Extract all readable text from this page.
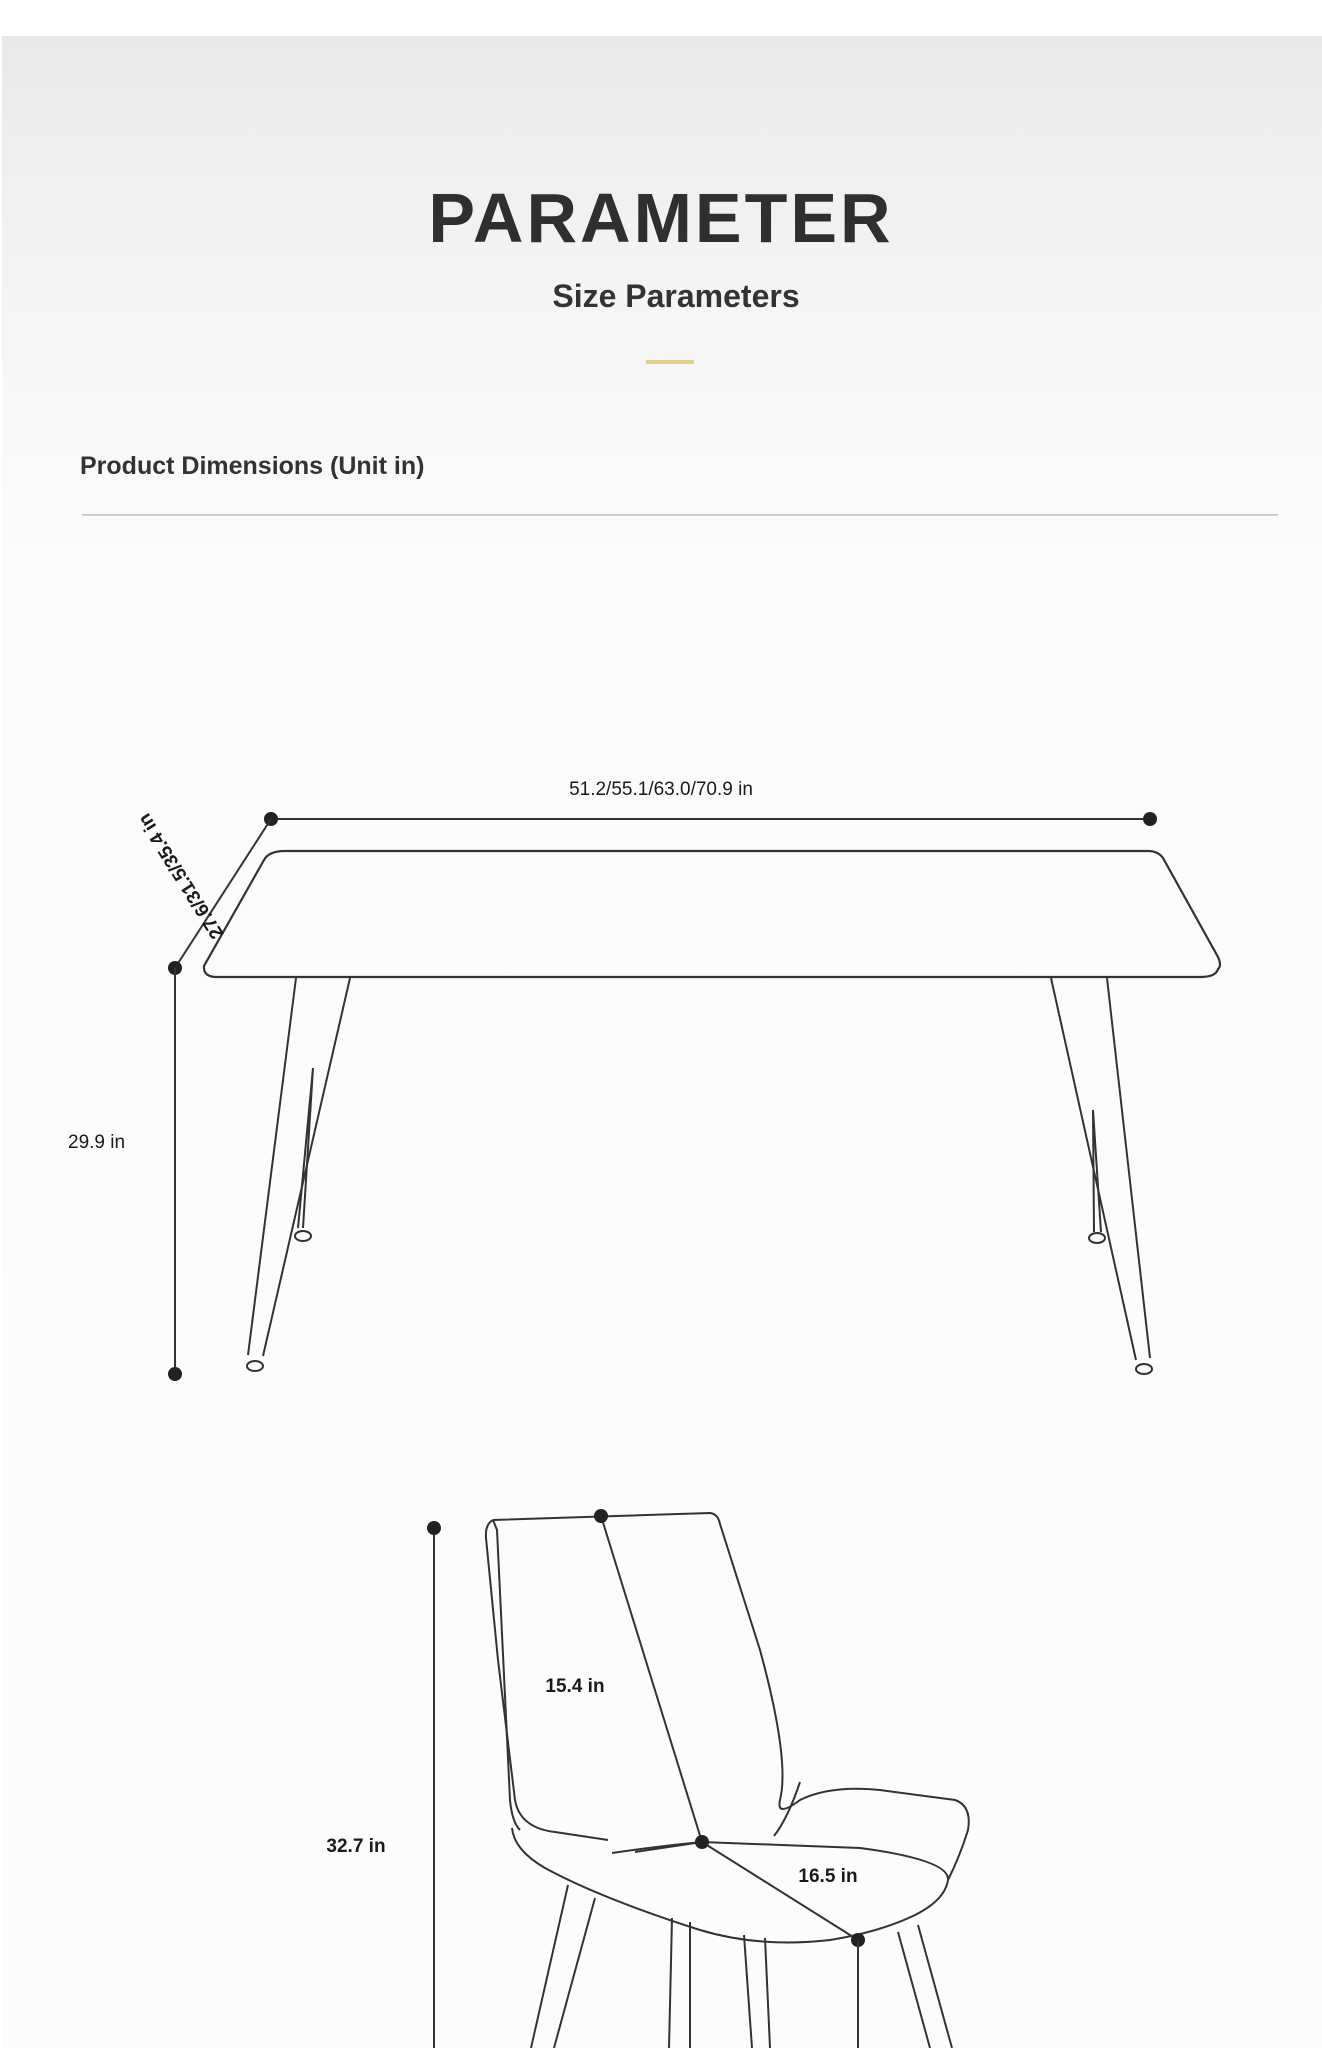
PARAMETER
Size Parameters
Product Dimensions (Unit in)
51.2/55.1/63.0/70.9 in
27.6/31.5/35.4 in
29.9 in
15.4 in
16.5 in
32.7 in
